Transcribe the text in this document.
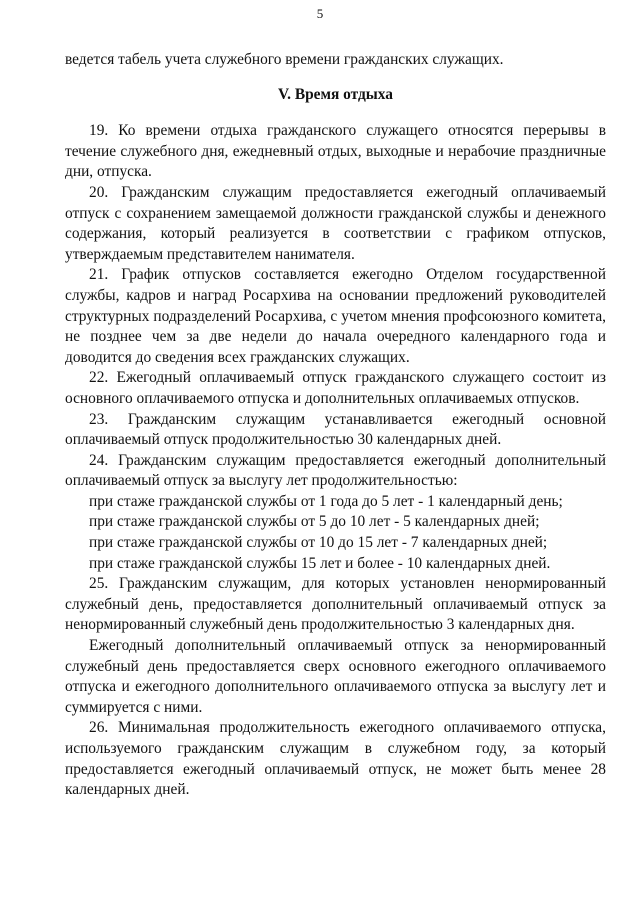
5

ведется табель учета служебного времени гражданских служащих.

V. Время отдыха

19. Ко времени отдыха гражданского служащего относятся перерывы в течение служебного дня, ежедневный отдых, выходные и нерабочие праздничные дни, отпуска.

20. Гражданским служащим предоставляется ежегодный оплачиваемый отпуск с сохранением замещаемой должности гражданской службы и денежного содержания, который реализуется в соответствии с графиком отпусков, утверждаемым представителем нанимателя.

21. График отпусков составляется ежегодно Отделом государственной службы, кадров и наград Росархива на основании предложений руководителей структурных подразделений Росархива, с учетом мнения профсоюзного комитета, не позднее чем за две недели до начала очередного календарного года и доводится до сведения всех гражданских служащих.

22. Ежегодный оплачиваемый отпуск гражданского служащего состоит из основного оплачиваемого отпуска и дополнительных оплачиваемых отпусков.

23. Гражданским служащим устанавливается ежегодный основной оплачиваемый отпуск продолжительностью 30 календарных дней.

24. Гражданским служащим предоставляется ежегодный дополнительный оплачиваемый отпуск за выслугу лет продолжительностью:

при стаже гражданской службы от 1 года до 5 лет - 1 календарный день;

при стаже гражданской службы от 5 до 10 лет - 5 календарных дней;

при стаже гражданской службы от 10 до 15 лет - 7 календарных дней;

при стаже гражданской службы 15 лет и более - 10 календарных дней.

25. Гражданским служащим, для которых установлен ненормированный служебный день, предоставляется дополнительный оплачиваемый отпуск за ненормированный служебный день продолжительностью 3 календарных дня.

Ежегодный дополнительный оплачиваемый отпуск за ненормированный служебный день предоставляется сверх основного ежегодного оплачиваемого отпуска и ежегодного дополнительного оплачиваемого отпуска за выслугу лет и суммируется с ними.

26. Минимальная продолжительность ежегодного оплачиваемого отпуска, используемого гражданским служащим в служебном году, за который предоставляется ежегодный оплачиваемый отпуск, не может быть менее 28 календарных дней.
